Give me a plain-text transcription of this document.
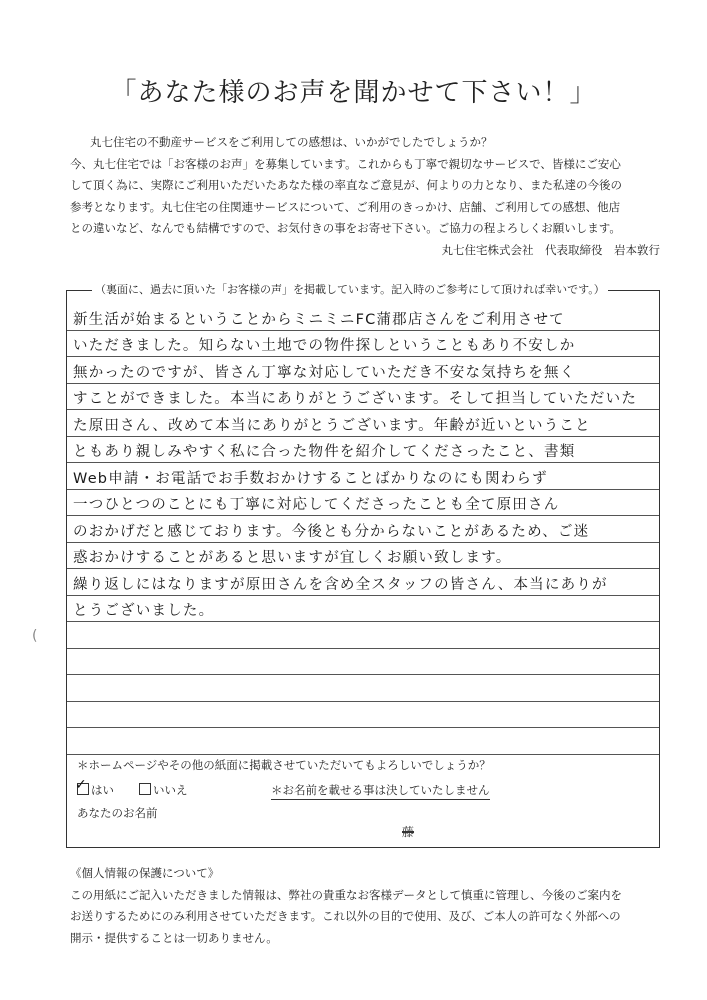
「あなた様のお声を聞かせて下さい！」

丸七住宅の不動産サービスをご利用しての感想は、いかがでしたでしょうか？

今、丸七住宅では「お客様のお声」を募集しています。これからも丁寧で親切なサービスで、皆様にご安心

して頂く為に、実際にご利用いただいたあなた様の率直なご意見が、何よりの力となり、また私達の今後の

参考となります。丸七住宅の住関連サービスについて、ご利用のきっかけ、店舗、ご利用しての感想、他店

との違いなど、なんでも結構ですので、お気付きの事をお寄せ下さい。ご協力の程よろしくお願いします。

丸七住宅株式会社　代表取締役　岩本敦行

新生活が始まるということからミニミニFC蒲郡店さんをご利用させて
いただきました。知らない土地での物件探しということもあり不安しか
無かったのですが、皆さん丁寧な対応していただき不安な気持ちを無く
すことができました。本当にありがとうございます。そして担当していただいた
た原田さん、改めて本当にありがとうございます。年齢が近いということ
ともあり親しみやすく私に合った物件を紹介してくださったこと、書類
Web申請・お電話でお手数おかけすることばかりなのにも関わらず
一つひとつのことにも丁寧に対応してくださったことも全て原田さん
のおかげだと感じております。今後とも分からないことがあるため、ご迷
惑おかけすることがあると思いますが宜しくお願い致します。
繰り返しにはなりますが原田さんを含め全スタッフの皆さん、本当にありが
とうございました。
＊ホームページやその他の紙面に掲載させていただいてもよろしいでしょうか？
✓ はい	いいえ	＊お名前を載せる事は決していたしません
あなたのお名前
藤
（裏面に、過去に頂いた「お客様の声」を掲載しています。記入時のご参考にして頂ければ幸いです。）
(

《個人情報の保護について》

この用紙にご記入いただきました情報は、弊社の貴重なお客様データとして慎重に管理し、今後のご案内を

お送りするためにのみ利用させていただきます。これ以外の目的で使用、及び、ご本人の許可なく外部への

開示・提供することは一切ありません。
